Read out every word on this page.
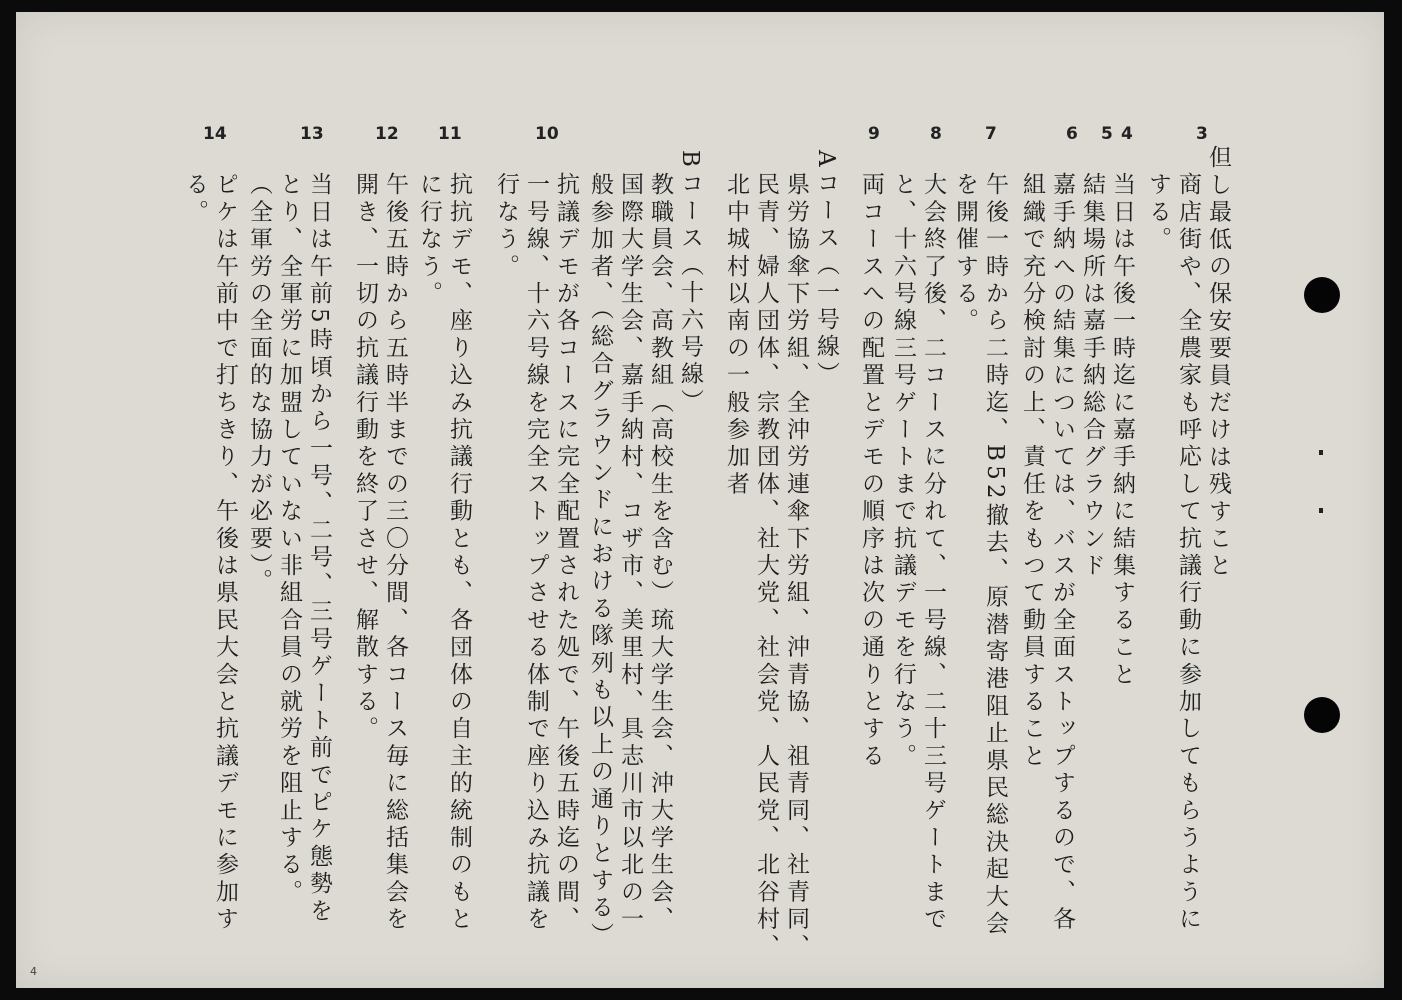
3
4
5
6
7
8
9
10
11
12
13
14
但し最低の保安要員だけは残すこと
商店街や、全農家も呼応して抗議行動に参加してもらうように
する。
当日は午後一時迄に嘉手納に結集すること
結集場所は嘉手納総合グラウンド
嘉手納への結集については、バスが全面ストップするので、各
組織で充分検討の上、責任をもつて動員すること
午後一時から二時迄、B52撤去、原潜寄港阻止県民総決起大会
を開催する。
大会終了後、二コースに分れて、一号線、二十三号ゲートまで
と、十六号線三号ゲートまで抗議デモを行なう。
両コースへの配置とデモの順序は次の通りとする
Aコース（一号線）
県労協傘下労組、全沖労連傘下労組、沖青協、祖青同、社青同、
民青、婦人団体、宗教団体、社大党、社会党、人民党、北谷村、
北中城村以南の一般参加者
Bコース（十六号線）
教職員会、高教組（高校生を含む）琉大学生会、沖大学生会、
国際大学生会、嘉手納村、コザ市、美里村、具志川市以北の一
般参加者、（総合グラウンドにおける隊列も以上の通りとする）
抗議デモが各コースに完全配置された処で、午後五時迄の間、
一号線、十六号線を完全ストップさせる体制で座り込み抗議を
行なう。
抗抗デモ、座り込み抗議行動とも、各団体の自主的統制のもと
に行なう。
午後五時から五時半までの三〇分間、各コース毎に総括集会を
開き、一切の抗議行動を終了させ、解散する。
当日は午前5時頃から一号、二号、三号ゲート前でピケ態勢を
とり、全軍労に加盟していない非組合員の就労を阻止する。
（全軍労の全面的な協力が必要）。
ピケは午前中で打ちきり、午後は県民大会と抗議デモに参加す
る。
4
